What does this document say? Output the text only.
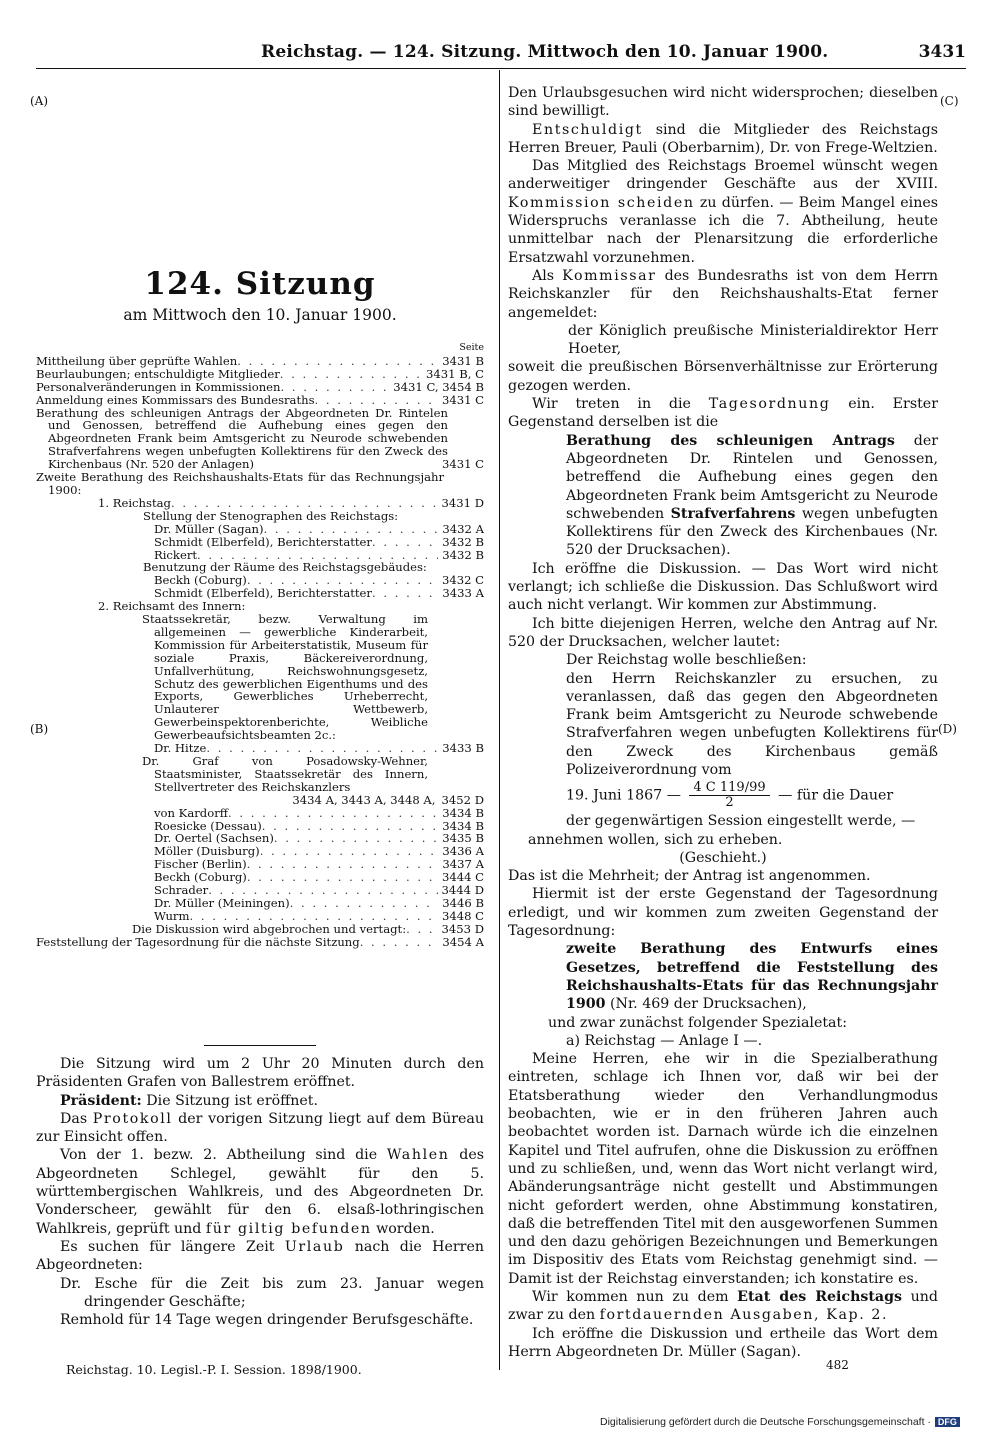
Reichstag. — 124. Sitzung. Mittwoch den 10. Januar 1900.	3431
(A)
(B)
(C)
(D)
124. Sitzung
am Mittwoch den 10. Januar 1900.
Seite
Mittheilung über geprüfte Wahlen . . .	3431 B
Beurlaubungen; entschuldigte Mitglieder . . .	3431 B, C
Personalveränderungen in Kommissionen . . .	3431 C, 3454 B
Anmeldung eines Kommissars des Bundesraths . . .	3431 C
Berathung des schleunigen Antrags der Abgeordneten Dr. Rintelen und Genossen, betreffend die Aufhebung eines gegen den Abgeordneten Frank beim Amtsgericht zu Neurode schwebenden Strafverfahrens wegen unbefugten Kollektirens für den Zweck des Kirchenbaus (Nr. 520 der Anlagen)	3431 C
Zweite Berathung des Reichshaushalts-Etats für das Rechnungsjahr 1900:
1. Reichstag . . .	3431 D
Stellung der Stenographen des Reichstags:
Dr. Müller (Sagan) . . .	3432 A
Schmidt (Elberfeld), Berichterstatter . . .	3432 B
Rickert . . .	3432 B
Benutzung der Räume des Reichstagsgebäudes:
Beckh (Coburg) . . .	3432 C
Schmidt (Elberfeld), Berichterstatter . . .	3433 A
2. Reichsamt des Innern:
Staatssekretär, bezw. Verwaltung im allgemeinen — gewerbliche Kinderarbeit, Kommission für Arbeiterstatistik, Museum für soziale Praxis, Bäckereiverordnung, Unfallverhütung, Reichswohnungsgesetz, Schutz des gewerblichen Eigenthums und des Exports, Gewerbliches Urheberrecht, Unlauterer Wettbewerb, Gewerbeinspektorenberichte, Weibliche Gewerbeaufsichtsbeamten 2c.:
Dr. Hitze . . .	3433 B
Dr. Graf von Posadowsky-Wehner, Staatsminister, Staatssekretär des Innern, Stellvertreter des Reichskanzlers
3434 A, 3443 A, 3448 A, 3452 D
von Kardorff . . .	3434 B
Roesicke (Dessau) . . .	3434 B
Dr. Oertel (Sachsen) . . .	3435 B
Möller (Duisburg) . . .	3436 A
Fischer (Berlin) . . .	3437 A
Beckh (Coburg) . . .	3444 C
Schrader . . .	3444 D
Dr. Müller (Meiningen) . . .	3446 B
Wurm . . .	3448 C
Die Diskussion wird abgebrochen und vertagt: . . .	3453 D
Feststellung der Tagesordnung für die nächste Sitzung . . .	3454 A

Die Sitzung wird um 2 Uhr 20 Minuten durch den Präsidenten Grafen von Ballestrem eröffnet.

Präsident: Die Sitzung ist eröffnet.

Das Protokoll der vorigen Sitzung liegt auf dem Büreau zur Einsicht offen.

Von der 1. bezw. 2. Abtheilung sind die Wahlen des Abgeordneten Schlegel, gewählt für den 5. württembergischen Wahlkreis, und des Abgeordneten Dr. Vonderscheer, gewählt für den 6. elsaß-lothringischen Wahlkreis, geprüft und für giltig befunden worden.

Es suchen für längere Zeit Urlaub nach die Herren Abgeordneten:

Dr. Esche für die Zeit bis zum 23. Januar wegen dringender Geschäfte;

Remhold für 14 Tage wegen dringender Berufsgeschäfte.

Den Urlaubsgesuchen wird nicht widersprochen; dieselben sind bewilligt.

Entschuldigt sind die Mitglieder des Reichstags Herren Breuer, Pauli (Oberbarnim), Dr. von Frege-Weltzien.

Das Mitglied des Reichstags Broemel wünscht wegen anderweitiger dringender Geschäfte aus der XVIII. Kommission scheiden zu dürfen. — Beim Mangel eines Widerspruchs veranlasse ich die 7. Abtheilung, heute unmittelbar nach der Plenarsitzung die erforderliche Ersatzwahl vorzunehmen.

Als Kommissar des Bundesraths ist von dem Herrn Reichskanzler für den Reichshaushalts-Etat ferner angemeldet:

der Königlich preußische Ministerialdirektor Herr Hoeter,

soweit die preußischen Börsenverhältnisse zur Erörterung gezogen werden.

Wir treten in die Tagesordnung ein. Erster Gegenstand derselben ist die

Berathung des schleunigen Antrags der Abgeordneten Dr. Rintelen und Genossen, betreffend die Aufhebung eines gegen den Abgeordneten Frank beim Amtsgericht zu Neurode schwebenden Strafverfahrens wegen unbefugten Kollektirens für den Zweck des Kirchenbaues (Nr. 520 der Drucksachen).

Ich eröffne die Diskussion. — Das Wort wird nicht verlangt; ich schließe die Diskussion. Das Schlußwort wird auch nicht verlangt. Wir kommen zur Abstimmung.

Ich bitte diejenigen Herren, welche den Antrag auf Nr. 520 der Drucksachen, welcher lautet:

Der Reichstag wolle beschließen:

den Herrn Reichskanzler zu ersuchen, zu veranlassen, daß das gegen den Abgeordneten Frank beim Amtsgericht zu Neurode schwebende Strafverfahren wegen unbefugten Kollektirens für den Zweck des Kirchenbaus gemäß Polizeiverordnung vom

19. Juni 1867 — $\frac{4 C 119/99}{2}$ — für die Dauer

der gegenwärtigen Session eingestellt werde, —

annehmen wollen, sich zu erheben.

(Geschieht.)

Das ist die Mehrheit; der Antrag ist angenommen.

Hiermit ist der erste Gegenstand der Tagesordnung erledigt, und wir kommen zum zweiten Gegenstand der Tagesordnung:

zweite Berathung des Entwurfs eines Gesetzes, betreffend die Feststellung des Reichshaushalts-Etats für das Rechnungsjahr 1900 (Nr. 469 der Drucksachen),

und zwar zunächst folgender Spezialetat:

a) Reichstag — Anlage I —.

Meine Herren, ehe wir in die Spezialberathung eintreten, schlage ich Ihnen vor, daß wir bei der Etatsberathung wieder den Verhandlungmodus beobachten, wie er in den früheren Jahren auch beobachtet worden ist. Darnach würde ich die einzelnen Kapitel und Titel aufrufen, ohne die Diskussion zu eröffnen und zu schließen, und, wenn das Wort nicht verlangt wird, Abänderungsanträge nicht gestellt und Abstimmungen nicht gefordert werden, ohne Abstimmung konstatiren, daß die betreffenden Titel mit den ausgeworfenen Summen und den dazu gehörigen Bezeichnungen und Bemerkungen im Dispositiv des Etats vom Reichstag genehmigt sind. — Damit ist der Reichstag einverstanden; ich konstatire es.

Wir kommen nun zu dem Etat des Reichstags und zwar zu den fortdauernden Ausgaben, Kap. 2.

Ich eröffne die Diskussion und ertheile das Wort dem Herrn Abgeordneten Dr. Müller (Sagan).

Reichstag. 10. Legisl.-P. I. Session. 1898/1900.	482
Digitalisierung gefördert durch die Deutsche Forschungsgemeinschaft · DFG
